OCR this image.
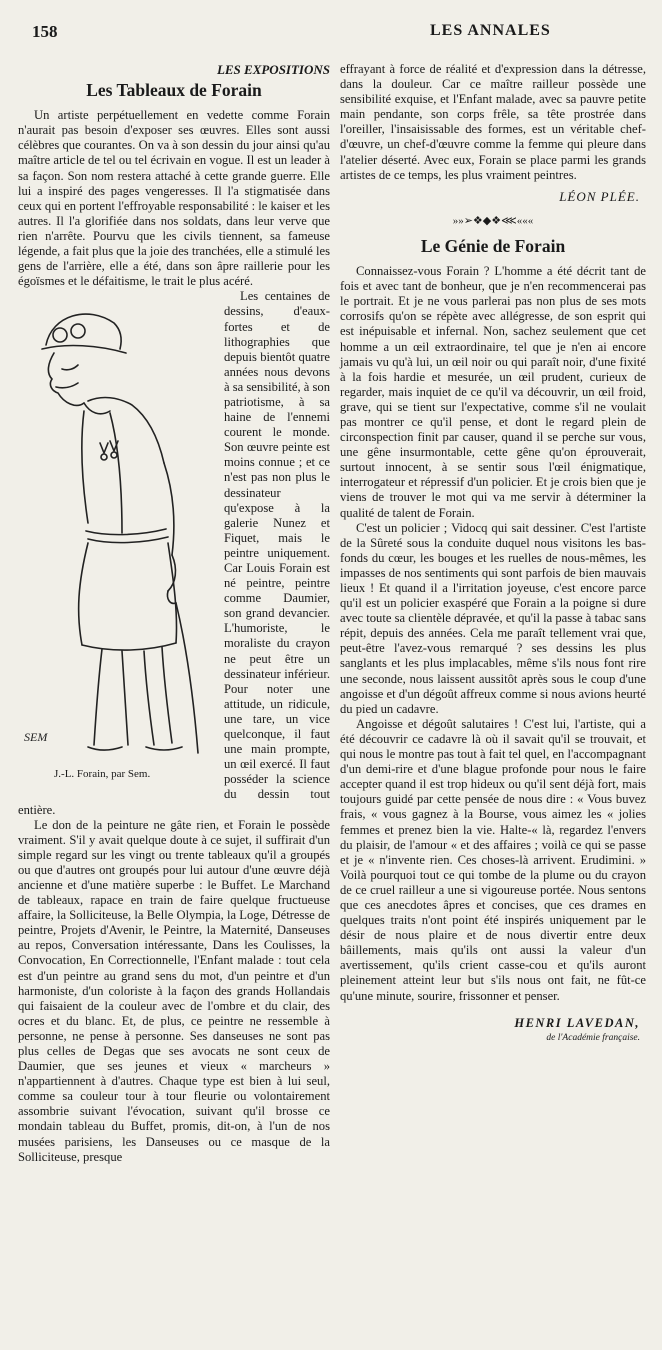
158	LES ANNALES
LES EXPOSITIONS
Les Tableaux de Forain

Un artiste perpétuellement en vedette comme Forain n'aurait pas besoin d'exposer ses œuvres. Elles sont aussi célèbres que courantes. On va à son dessin du jour ainsi qu'au maître article de tel ou tel écrivain en vogue. Il est un leader à sa façon. Son nom restera attaché à cette grande guerre. Elle lui a inspiré des pages vengeresses. Il l'a stigmatisée dans ceux qui en portent l'effroyable responsabilité : le kaiser et les autres. Il l'a glorifiée dans nos soldats, dans leur verve que rien n'arrête. Pourvu que les civils tiennent, sa fameuse légende, a fait plus que la joie des tranchées, elle a stimulé les gens de l'arrière, elle a été, dans son âpre raillerie pour les égoïsmes et le défaitisme, le trait le plus acéré.

SEM
J.-L. Forain, par Sem.

Les centaines de dessins, d'eaux-fortes et de lithographies que depuis bientôt quatre années nous devons à sa sensibilité, à son patriotisme, à sa haine de l'ennemi courent le monde. Son œuvre peinte est moins connue ; et ce n'est pas non plus le dessinateur qu'expose à la galerie Nunez et Fiquet, mais le peintre uniquement. Car Louis Forain est né peintre, peintre comme Daumier, son grand devancier. L'humoriste, le moraliste du crayon ne peut être un dessinateur inférieur. Pour noter une attitude, un ridicule, une tare, un vice quelconque, il faut une main prompte, un œil exercé. Il faut posséder la science du dessin tout entière.

Le don de la peinture ne gâte rien, et Forain le possède vraiment. S'il y avait quelque doute à ce sujet, il suffirait d'un simple regard sur les vingt ou trente tableaux qu'il a groupés ou que d'autres ont groupés pour lui autour d'une œuvre déjà ancienne et d'une matière superbe : le Buffet. Le Marchand de tableaux, rapace en train de faire quelque fructueuse affaire, la Solliciteuse, la Belle Olympia, la Loge, Détresse de peintre, Projets d'Avenir, le Peintre, la Maternité, Danseuses au repos, Conversation intéressante, Dans les Coulisses, la Convocation, En Correctionnelle, l'Enfant malade : tout cela est d'un peintre au grand sens du mot, d'un peintre et d'un harmoniste, d'un coloriste à la façon des grands Hollandais qui faisaient de la couleur avec de l'ombre et du clair, des ocres et du blanc. Et, de plus, ce peintre ne ressemble à personne, ne pense à personne. Ses danseuses ne sont pas plus celles de Degas que ses avocats ne sont ceux de Daumier, que ses jeunes et vieux « marcheurs » n'appartiennent à d'autres. Chaque type est bien à lui seul, comme sa couleur tour à tour fleurie ou volontairement assombrie suivant l'évocation, suivant qu'il brosse ce mondain tableau du Buffet, promis, dit-on, à l'un de nos musées parisiens, les Danseuses ou ce masque de la Solliciteuse, presque

effrayant à force de réalité et d'expression dans la détresse, dans la douleur. Car ce maître railleur possède une sensibilité exquise, et l'Enfant malade, avec sa pauvre petite main pendante, son corps frêle, sa tête prostrée dans l'oreiller, l'insaisissable des formes, est un véritable chef-d'œuvre, un chef-d'œuvre comme la femme qui pleure dans l'atelier déserté. Avec eux, Forain se place parmi les grands artistes de ce temps, les plus vraiment peintres.

LÉON PLÉE.
»»➢❖◆❖⋘«««
Le Génie de Forain

Connaissez-vous Forain ? L'homme a été décrit tant de fois et avec tant de bonheur, que je n'en recommencerai pas le portrait. Et je ne vous parlerai pas non plus de ses mots corrosifs qu'on se répète avec allégresse, de son esprit qui est inépuisable et infernal. Non, sachez seulement que cet homme a un œil extraordinaire, tel que je n'en ai encore jamais vu qu'à lui, un œil noir ou qui paraît noir, d'une fixité à la fois hardie et mesurée, un œil prudent, curieux de regarder, mais inquiet de ce qu'il va découvrir, un œil froid, grave, qui se tient sur l'expectative, comme s'il ne voulait pas montrer ce qu'il pense, et dont le regard plein de circonspection finit par causer, quand il se perche sur vous, une gêne insurmontable, cette gêne qu'on éprouverait, surtout innocent, à se sentir sous l'œil énigmatique, interrogateur et répressif d'un policier. Et je crois bien que je viens de trouver le mot qui va me servir à déterminer la qualité de talent de Forain.

C'est un policier ; Vidocq qui sait dessiner. C'est l'artiste de la Sûreté sous la conduite duquel nous visitons les bas-fonds du cœur, les bouges et les ruelles de nous-mêmes, les impasses de nos sentiments qui sont parfois de bien mauvais lieux ! Et quand il a l'irritation joyeuse, c'est encore parce qu'il est un policier exaspéré que Forain a la poigne si dure avec toute sa clientèle dépravée, et qu'il la passe à tabac sans répit, depuis des années. Cela me paraît tellement vrai que, peut-être l'avez-vous remarqué ? ses dessins les plus sanglants et les plus implacables, même s'ils nous font rire une seconde, nous laissent aussitôt après sous le coup d'une angoisse et d'un dégoût affreux comme si nous avions heurté du pied un cadavre.

Angoisse et dégoût salutaires ! C'est lui, l'artiste, qui a été découvrir ce cadavre là où il savait qu'il se trouvait, et qui nous le montre pas tout à fait tel quel, en l'accompagnant d'un demi-rire et d'une blague profonde pour nous le faire accepter quand il est trop hideux ou qu'il sent déjà fort, mais toujours guidé par cette pensée de nous dire : « Vous buvez frais, « vous gagnez à la Bourse, vous aimez les « jolies femmes et prenez bien la vie. Halte-« là, regardez l'envers du plaisir, de l'amour « et des affaires ; voilà ce qui se passe et je « n'invente rien. Ces choses-là arrivent. Erudimini. » Voilà pourquoi tout ce qui tombe de la plume ou du crayon de ce cruel railleur a une si vigoureuse portée. Nous sentons que ces anecdotes âpres et concises, que ces drames en quelques traits n'ont point été inspirés uniquement par le désir de nous plaire et de nous divertir entre deux bâillements, mais qu'ils ont aussi la valeur d'un avertissement, qu'ils crient casse-cou et qu'ils auront pleinement atteint leur but s'ils nous ont fait, ne fût-ce qu'une minute, sourire, frissonner et penser.

HENRI LAVEDAN,
de l'Académie française.
